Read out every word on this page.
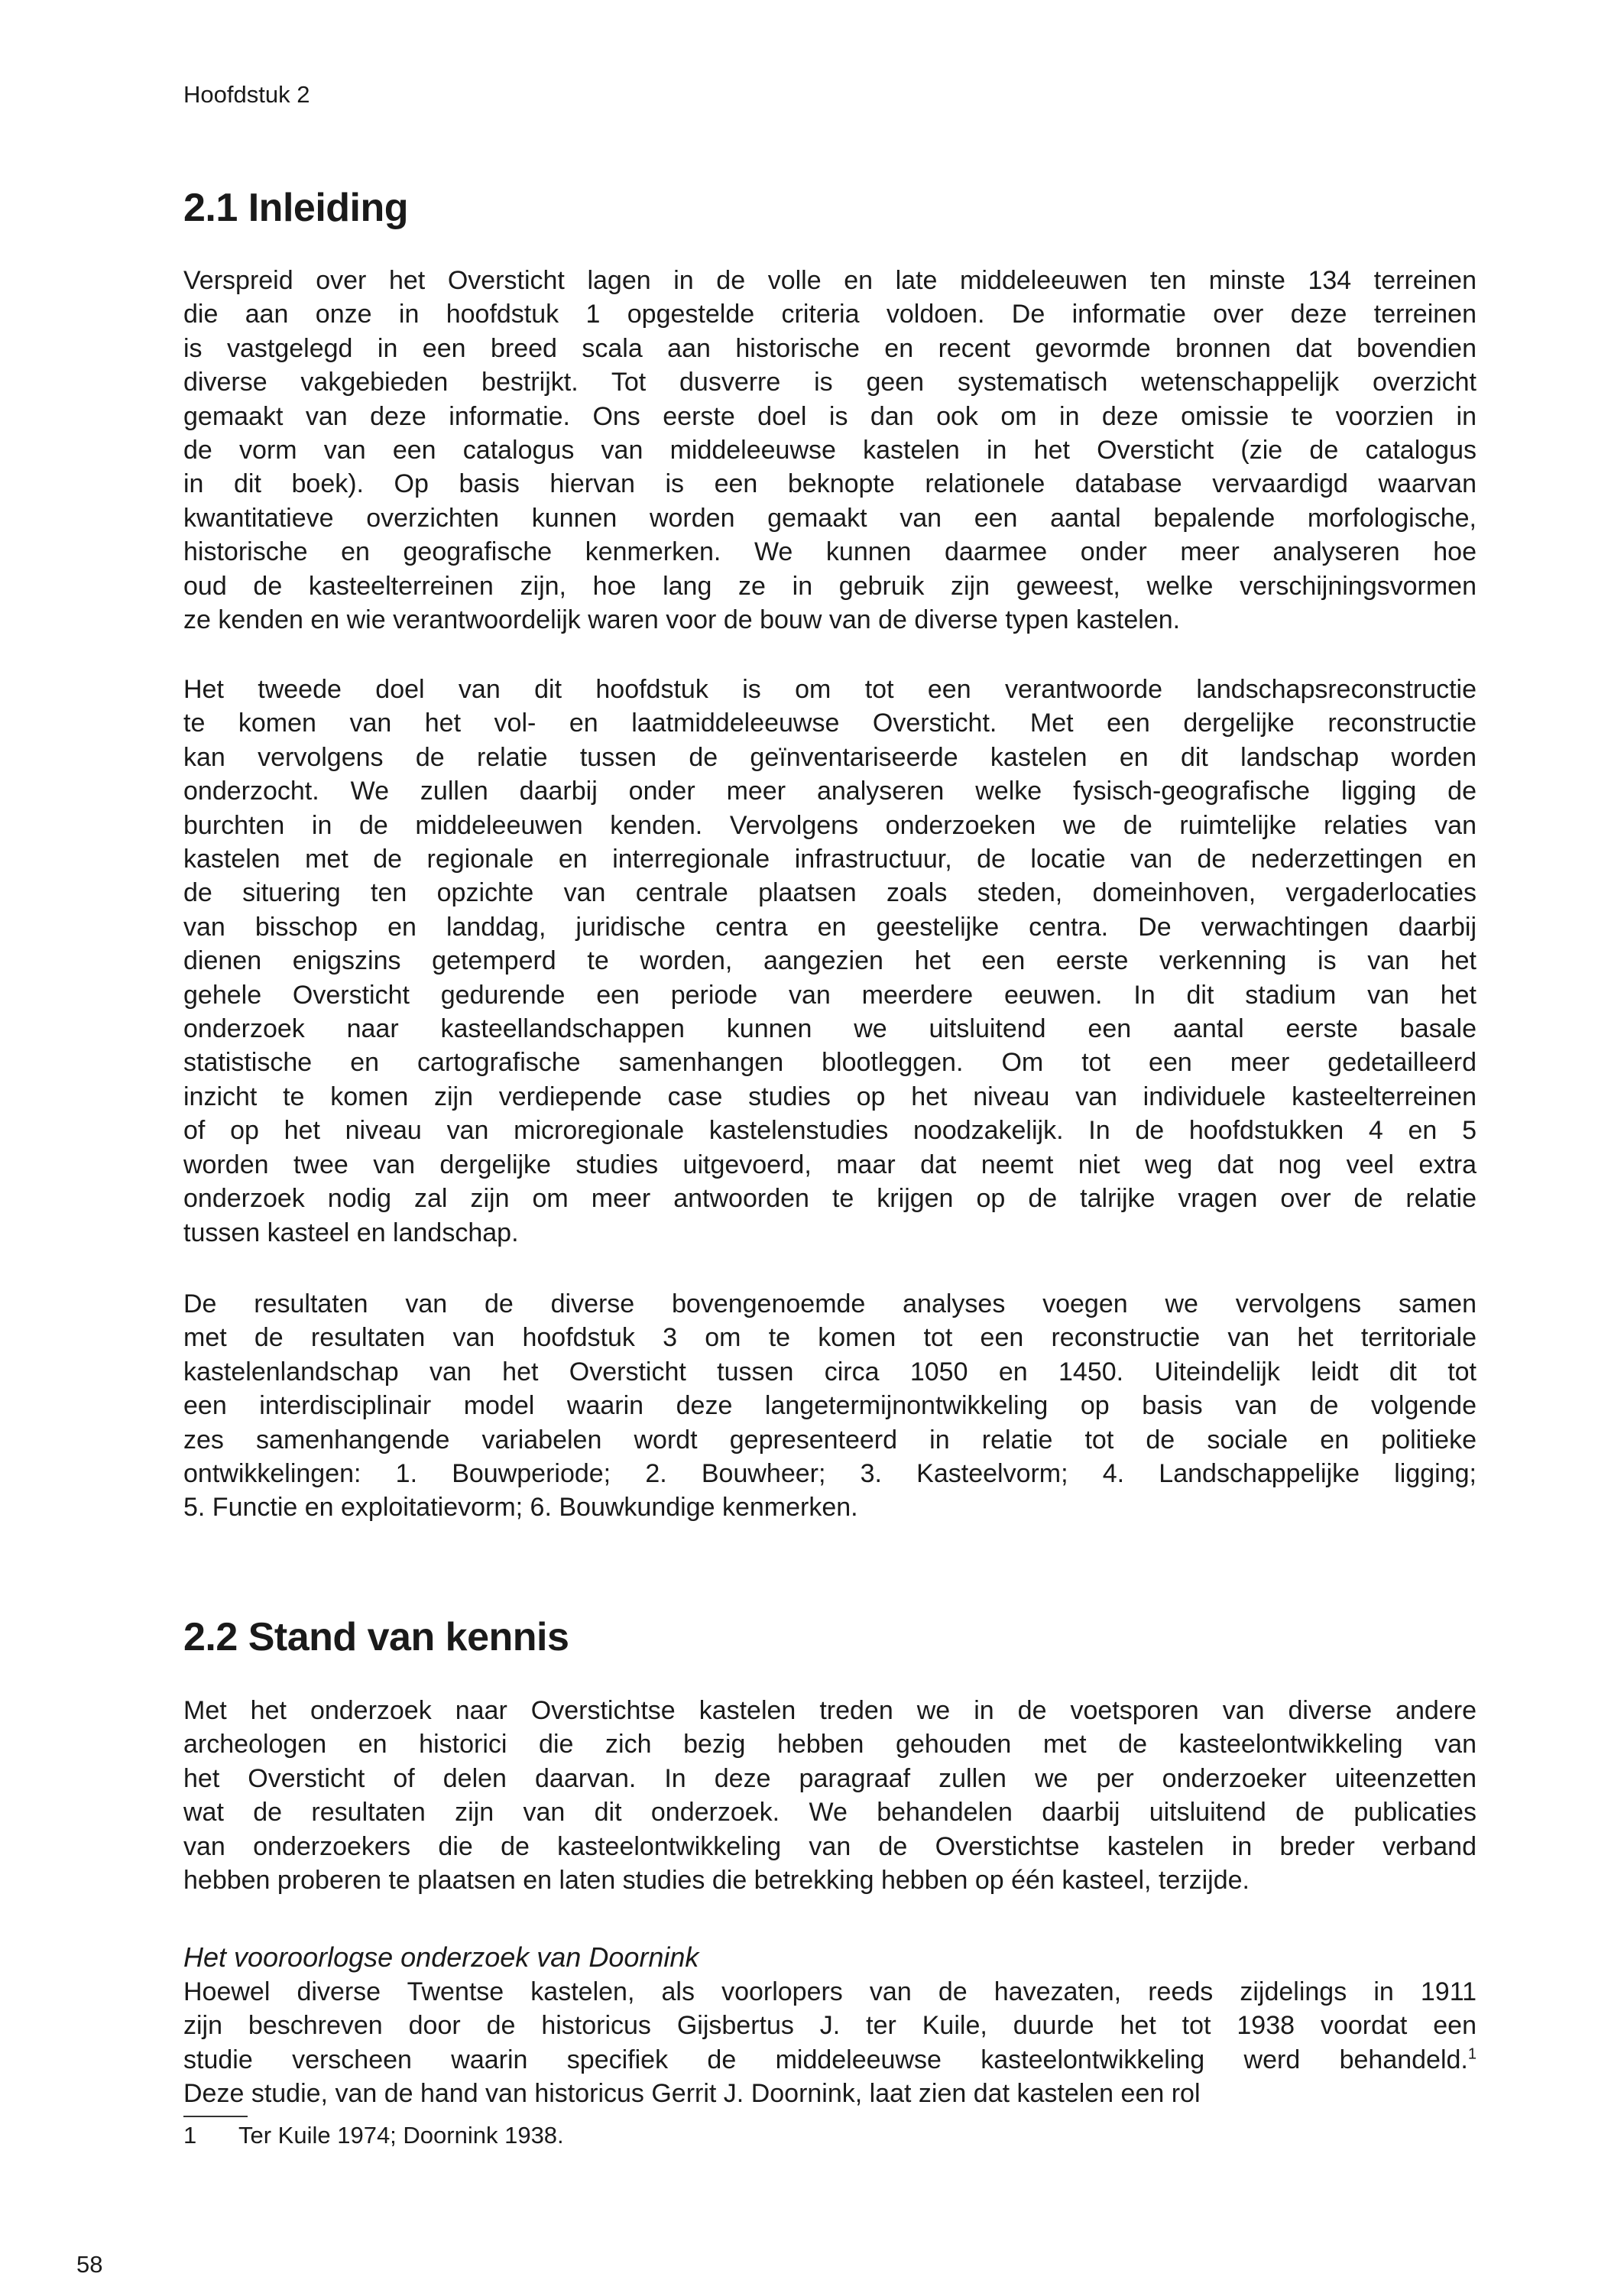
Hoofdstuk 2
2.1 Inleiding
Verspreid over het Oversticht lagen in de volle en late middeleeuwen ten minste 134 terreinen
die aan onze in hoofdstuk 1 opgestelde criteria voldoen. De informatie over deze terreinen
is vastgelegd in een breed scala aan historische en recent gevormde bronnen dat bovendien
diverse vakgebieden bestrijkt. Tot dusverre is geen systematisch wetenschappelijk overzicht
gemaakt van deze informatie. Ons eerste doel is dan ook om in deze omissie te voorzien in
de vorm van een catalogus van middeleeuwse kastelen in het Oversticht (zie de catalogus
in dit boek). Op basis hiervan is een beknopte relationele database vervaardigd waarvan
kwantitatieve overzichten kunnen worden gemaakt van een aantal bepalende morfologische,
historische en geografische kenmerken. We kunnen daarmee onder meer analyseren hoe
oud de kasteelterreinen zijn, hoe lang ze in gebruik zijn geweest, welke verschijningsvormen
ze kenden en wie verantwoordelijk waren voor de bouw van de diverse typen kastelen.
Het tweede doel van dit hoofdstuk is om tot een verantwoorde landschapsreconstructie
te komen van het vol- en laatmiddeleeuwse Oversticht. Met een dergelijke reconstructie
kan vervolgens de relatie tussen de geïnventariseerde kastelen en dit landschap worden
onderzocht. We zullen daarbij onder meer analyseren welke fysisch-geografische ligging de
burchten in de middeleeuwen kenden. Vervolgens onderzoeken we de ruimtelijke relaties van
kastelen met de regionale en interregionale infrastructuur, de locatie van de nederzettingen en
de situering ten opzichte van centrale plaatsen zoals steden, domeinhoven, vergaderlocaties
van bisschop en landdag, juridische centra en geestelijke centra. De verwachtingen daarbij
dienen enigszins getemperd te worden, aangezien het een eerste verkenning is van het
gehele Oversticht gedurende een periode van meerdere eeuwen. In dit stadium van het
onderzoek naar kasteellandschappen kunnen we uitsluitend een aantal eerste basale
statistische en cartografische samenhangen blootleggen. Om tot een meer gedetailleerd
inzicht te komen zijn verdiepende case studies op het niveau van individuele kasteelterreinen
of op het niveau van microregionale kastelenstudies noodzakelijk. In de hoofdstukken 4 en 5
worden twee van dergelijke studies uitgevoerd, maar dat neemt niet weg dat nog veel extra
onderzoek nodig zal zijn om meer antwoorden te krijgen op de talrijke vragen over de relatie
tussen kasteel en landschap.
De resultaten van de diverse bovengenoemde analyses voegen we vervolgens samen
met de resultaten van hoofdstuk 3 om te komen tot een reconstructie van het territoriale
kastelenlandschap van het Oversticht tussen circa 1050 en 1450. Uiteindelijk leidt dit tot
een interdisciplinair model waarin deze langetermijnontwikkeling op basis van de volgende
zes samenhangende variabelen wordt gepresenteerd in relatie tot de sociale en politieke
ontwikkelingen: 1. Bouwperiode; 2. Bouwheer; 3. Kasteelvorm; 4. Landschappelijke ligging;
5. Functie en exploitatievorm; 6. Bouwkundige kenmerken.
2.2 Stand van kennis
Met het onderzoek naar Overstichtse kastelen treden we in de voetsporen van diverse andere
archeologen en historici die zich bezig hebben gehouden met de kasteelontwikkeling van
het Oversticht of delen daarvan. In deze paragraaf zullen we per onderzoeker uiteenzetten
wat de resultaten zijn van dit onderzoek. We behandelen daarbij uitsluitend de publicaties
van onderzoekers die de kasteelontwikkeling van de Overstichtse kastelen in breder verband
hebben proberen te plaatsen en laten studies die betrekking hebben op één kasteel, terzijde.
Het vooroorlogse onderzoek van Doornink
Hoewel diverse Twentse kastelen, als voorlopers van de havezaten, reeds zijdelings in 1911
zijn beschreven door de historicus Gijsbertus J. ter Kuile, duurde het tot 1938 voordat een
studie verscheen waarin specifiek de middeleeuwse kasteelontwikkeling werd behandeld.$^1$
Deze studie, van de hand van historicus Gerrit J. Doornink, laat zien dat kastelen een rol
1 Ter Kuile 1974; Doornink 1938.
58
